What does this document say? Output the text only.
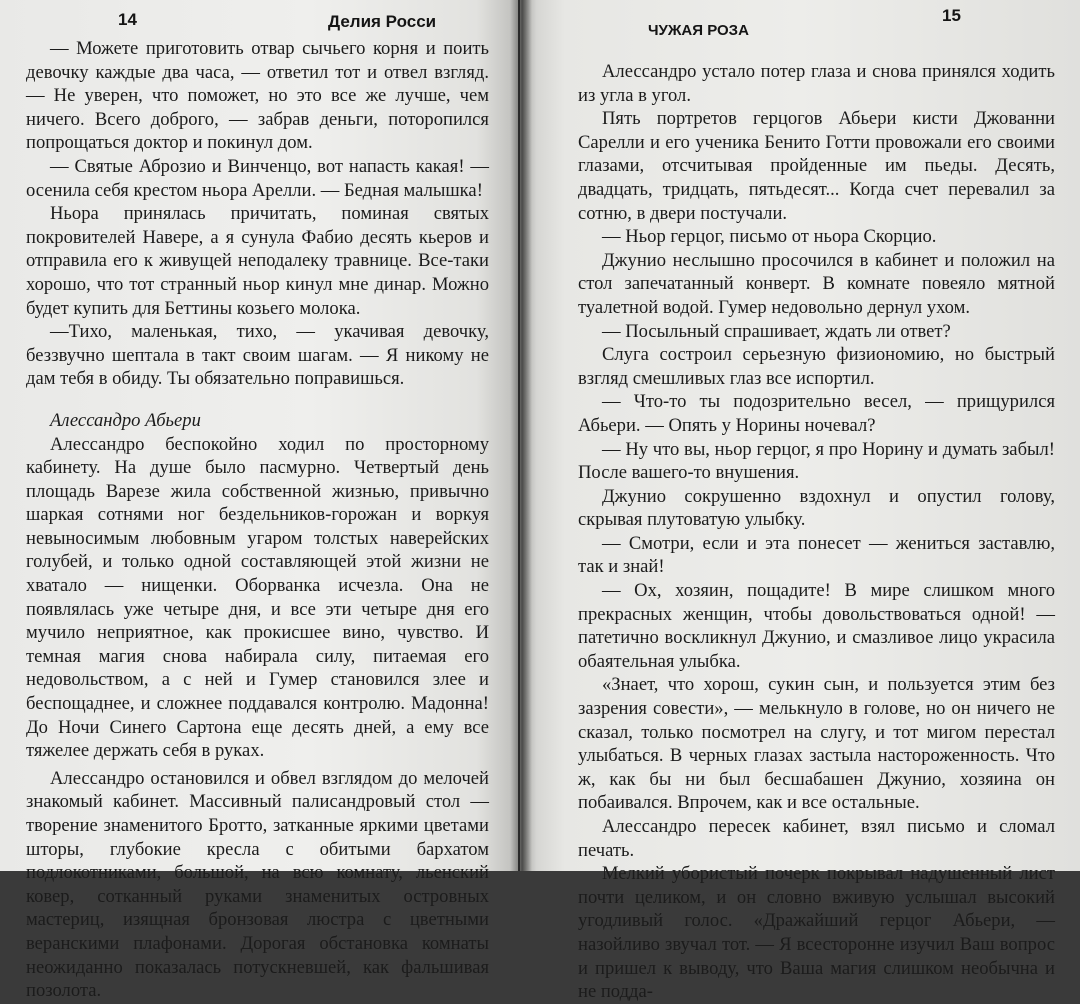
14	Делия Росси

— Можете приготовить отвар сычьего корня и поить девочку каждые два часа, — ответил тот и отвел взгляд. — Не уверен, что поможет, но это все же лучше, чем ничего. Всего доброго, — забрав деньги, поторопился попрощаться доктор и покинул дом.

— Святые Аброзио и Винченцо, вот напасть какая! — осенила себя крестом ньора Арелли. — Бедная малышка!

Ньора принялась причитать, поминая святых покровителей Навере, а я сунула Фабио десять кьеров и отправила его к живущей неподалеку травнице. Все-таки хорошо, что тот странный ньор кинул мне динар. Можно будет купить для Беттины козьего молока.

—Тихо, маленькая, тихо, — укачивая девочку, беззвучно шептала в такт своим шагам. — Я никому не дам тебя в обиду. Ты обязательно поправишься.

Алессандро Абьери

Алессандро беспокойно ходил по просторному кабинету. На душе было пасмурно. Четвертый день площадь Варезе жила собственной жизнью, привычно шаркая сотнями ног бездельников-горожан и воркуя невыносимым любовным угаром толстых наверейских голубей, и только одной составляющей этой жизни не хватало — нищенки. Оборванка исчезла. Она не появлялась уже четыре дня, и все эти четыре дня его мучило неприятное, как прокисшее вино, чувство. И темная магия снова набирала силу, питаемая его недовольством, а с ней и Гумер становился злее и беспощаднее, и сложнее поддавался контролю. Мадонна! До Ночи Синего Сартона еще десять дней, а ему все тяжелее держать себя в руках.

Алессандро остановился и обвел взглядом до мелочей знакомый кабинет. Массивный палисандровый стол — творение знаменитого Бротто, затканные яркими цветами шторы, глубокие кресла с обитыми бархатом подлокотниками, большой, на всю комнату, льенский ковер, сотканный руками знаменитых островных мастериц, изящная бронзовая люстра с цветными веранскими плафонами. Дорогая обстановка комнаты неожиданно показалась потускневшей, как фальшивая позолота.

ЧУЖАЯ РОЗА
15

Алессандро устало потер глаза и снова принялся ходить из угла в угол.

Пять портретов герцогов Абьери кисти Джованни Сарелли и его ученика Бенито Готти провожали его своими глазами, отсчитывая пройденные им пьеды. Десять, двадцать, тридцать, пятьдесят... Когда счет перевалил за сотню, в двери постучали.

— Ньор герцог, письмо от ньора Скорцио.

Джунио неслышно просочился в кабинет и положил на стол запечатанный конверт. В комнате повеяло мятной туалетной водой. Гумер недовольно дернул ухом.

— Посыльный спрашивает, ждать ли ответ?

Слуга состроил серьезную физиономию, но быстрый взгляд смешливых глаз все испортил.

— Что-то ты подозрительно весел, — прищурился Абьери. — Опять у Норины ночевал?

— Ну что вы, ньор герцог, я про Норину и думать забыл! После вашего-то внушения.

Джунио сокрушенно вздохнул и опустил голову, скрывая плутоватую улыбку.

— Смотри, если и эта понесет — жениться заставлю, так и знай!

— Ох, хозяин, пощадите! В мире слишком много прекрасных женщин, чтобы довольствоваться одной! — патетично воскликнул Джунио, и смазливое лицо украсила обаятельная улыбка.

«Знает, что хорош, сукин сын, и пользуется этим без зазрения совести», — мелькнуло в голове, но он ничего не сказал, только посмотрел на слугу, и тот мигом перестал улыбаться. В черных глазах застыла настороженность. Что ж, как бы ни был бесшабашен Джунио, хозяина он побаивался. Впрочем, как и все остальные.

Алессандро пересек кабинет, взял письмо и сломал печать.

Мелкий убористый почерк покрывал надушенный лист почти целиком, и он словно вживую услышал высокий угодливый голос. «Дражайший герцог Абьери, — назойливо звучал тот. — Я всесторонне изучил Ваш вопрос и пришел к выводу, что Ваша магия слишком необычна и не подда-
